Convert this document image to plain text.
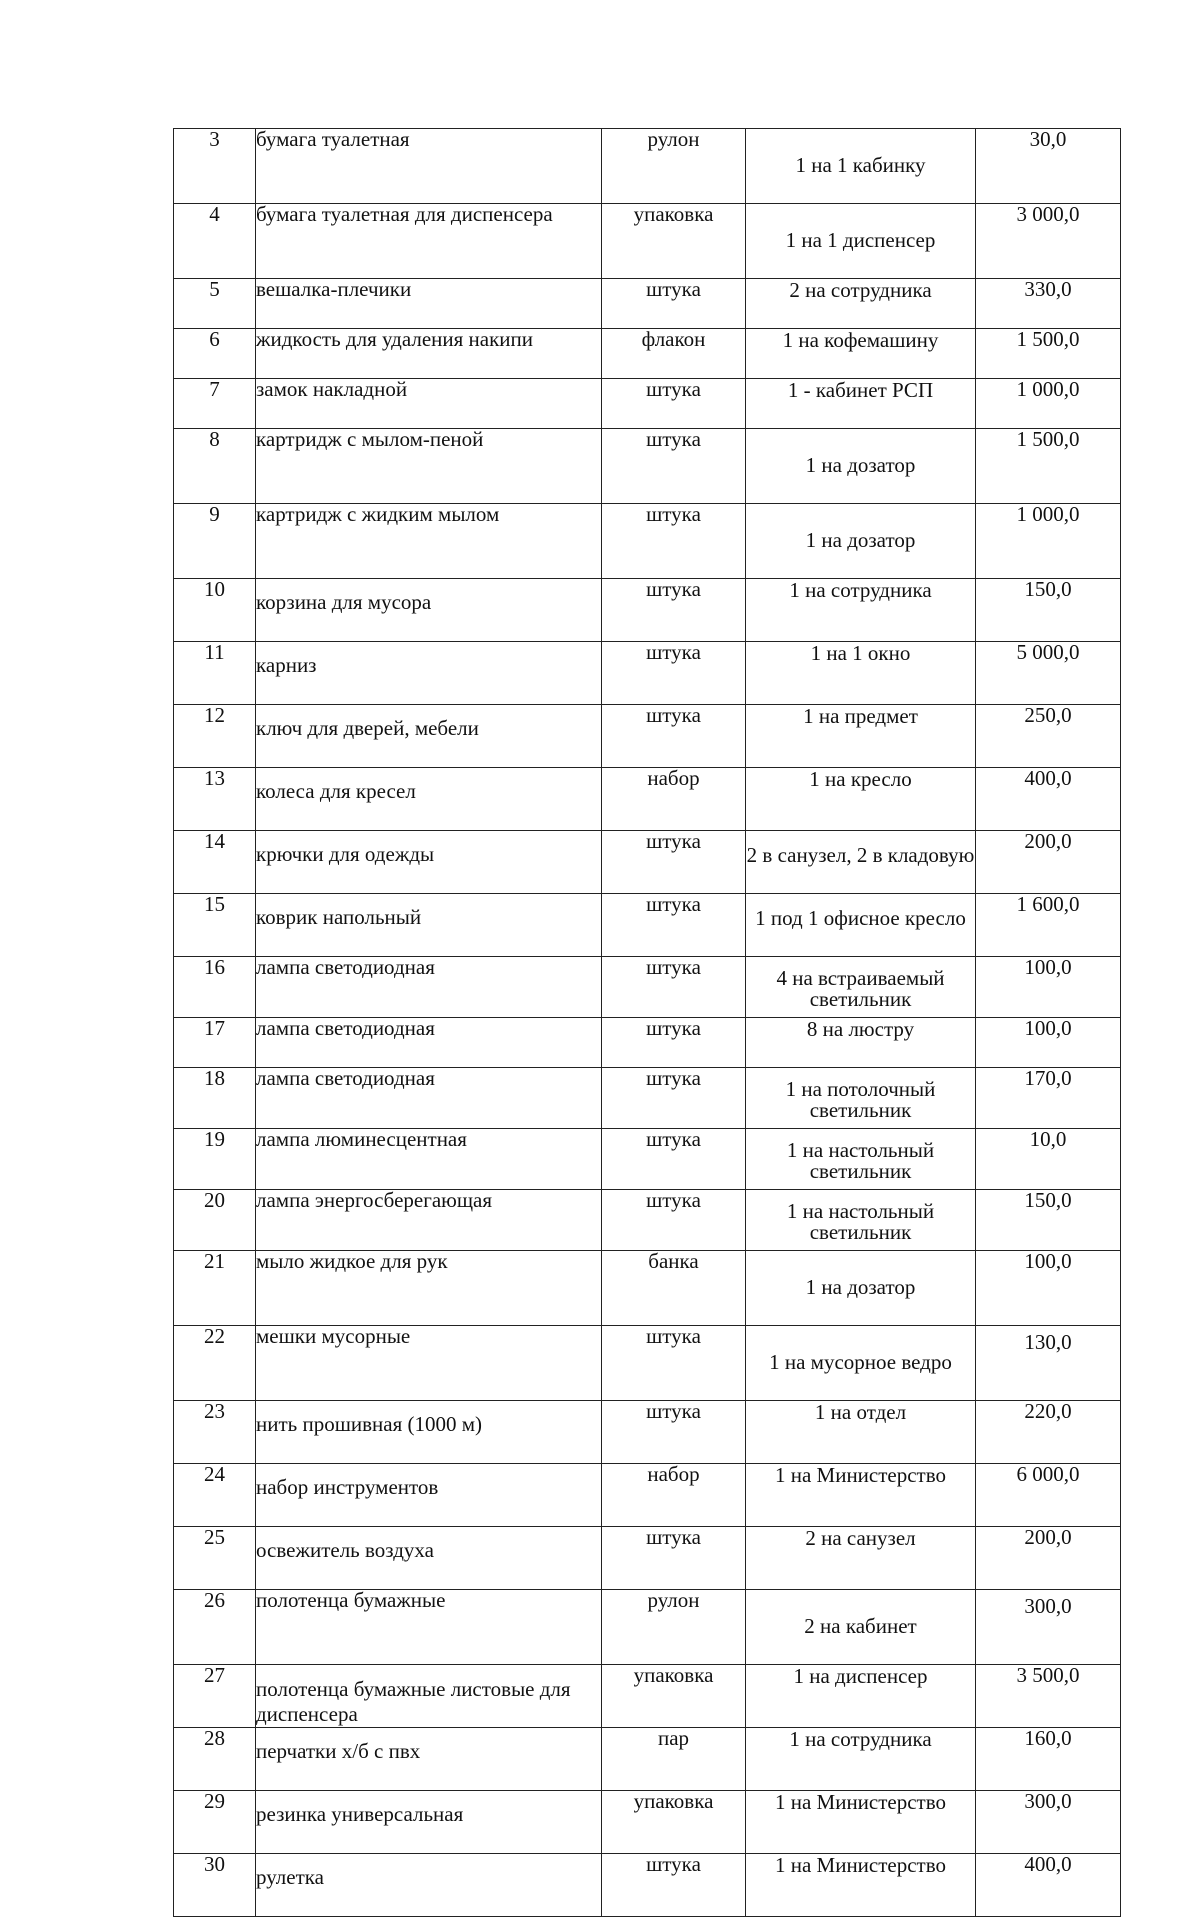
3	бумага туалетная	рулон	1 на 1 кабинку	30,0
4	бумага туалетная для диспенсера	упаковка	1 на 1 диспенсер	3 000,0
5	вешалка-плечики	штука	2 на сотрудника	330,0
6	жидкость для удаления накипи	флакон	1 на кофемашину	1 500,0
7	замок накладной	штука	1 - кабинет РСП	1 000,0
8	картридж с мылом-пеной	штука	1 на дозатор	1 500,0
9	картридж с жидким мылом	штука	1 на дозатор	1 000,0
10	корзина для мусора	штука	1 на сотрудника	150,0
11	карниз	штука	1 на 1 окно	5 000,0
12	ключ для дверей, мебели	штука	1 на предмет	250,0
13	колеса для кресел	набор	1 на кресло	400,0
14	крючки для одежды	штука	2 в санузел, 2 в кладовую	200,0
15	коврик напольный	штука	1 под 1 офисное кресло	1 600,0
16	лампа светодиодная	штука	4 на встраиваемый светильник	100,0
17	лампа светодиодная	штука	8 на люстру	100,0
18	лампа светодиодная	штука	1 на потолочный светильник	170,0
19	лампа люминесцентная	штука	1 на настольный светильник	10,0
20	лампа энергосберегающая	штука	1 на настольный светильник	150,0
21	мыло жидкое для рук	банка	1 на дозатор	100,0
22	мешки мусорные	штука	1 на мусорное ведро	130,0
23	нить прошивная (1000 м)	штука	1 на отдел	220,0
24	набор инструментов	набор	1 на Министерство	6 000,0
25	освежитель воздуха	штука	2 на санузел	200,0
26	полотенца бумажные	рулон	2 на кабинет	300,0
27	полотенца бумажные листовые для диспенсера	упаковка	1 на диспенсер	3 500,0
28	перчатки х/б с пвх	пар	1 на сотрудника	160,0
29	резинка универсальная	упаковка	1 на Министерство	300,0
30	рулетка	штука	1 на Министерство	400,0
